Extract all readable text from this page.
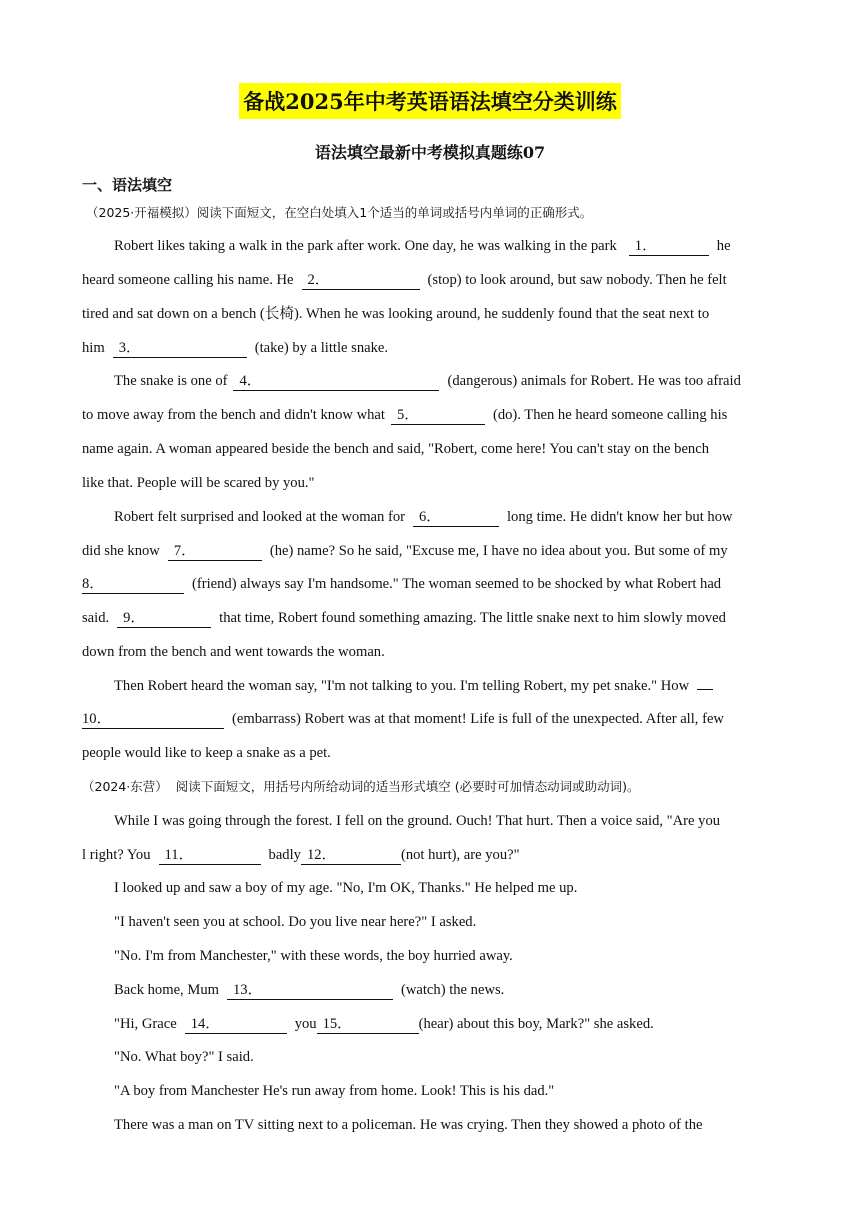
备战2025年中考英语语法填空分类训练
语法填空最新中考模拟真题练07
一、语法填空
（2025·开福模拟）阅读下面短文，在空白处填入1个适当的单词或括号内单词的正确形式。
Robert likes taking a walk in the park after work. One day, he was walking in the park 1．	he
heard someone calling his name. He 2．	(stop) to look around, but saw nobody. Then he felt
tired and sat down on a bench (长椅). When he was looking around, he suddenly found that the seat next to
him 3．	(take) by a little snake.
The snake is one of 4．	(dangerous) animals for Robert. He was too afraid
to move away from the bench and didn't know what 5．	(do). Then he heard someone calling his
name again. A woman appeared beside the bench and said, "Robert, come here! You can't stay on the bench
like that. People will be scared by you."
Robert felt surprised and looked at the woman for 6．	long time. He didn't know her but how
did she know 7．	(he) name? So he said, "Excuse me, I have no idea about you. But some of my
8．	(friend) always say I'm handsome." The woman seemed to be shocked by what Robert had
said. 9．	that time, Robert found something amazing. The little snake next to him slowly moved
down from the bench and went towards the woman.
Then Robert heard the woman say, "I'm not talking to you. I'm telling Robert, my pet snake." How
10．	(embarrass) Robert was at that moment! Life is full of the unexpected. After all, few
people would like to keep a snake as a pet.
（2024·东营） 阅读下面短文，用括号内所给动词的适当形式填空 (必要时可加情态动词或助动词)。
While I was going through the forest. I fell on the ground. Ouch! That hurt. Then a voice said, "Are you
l right? You 11．	badly 12．	(not hurt), are you?"
I looked up and saw a boy of my age. "No, I'm OK, Thanks." He helped me up.
"I haven't seen you at school. Do you live near here?" I asked.
"No. I'm from Manchester," with these words, the boy hurried away.
Back home, Mum 13．	(watch) the news.
"Hi, Grace 14．	you 15．	(hear) about this boy, Mark?" she asked.
"No. What boy?" I said.
"A boy from Manchester He's run away from home. Look! This is his dad."
There was a man on TV sitting next to a policeman. He was crying. Then they showed a photo of the
